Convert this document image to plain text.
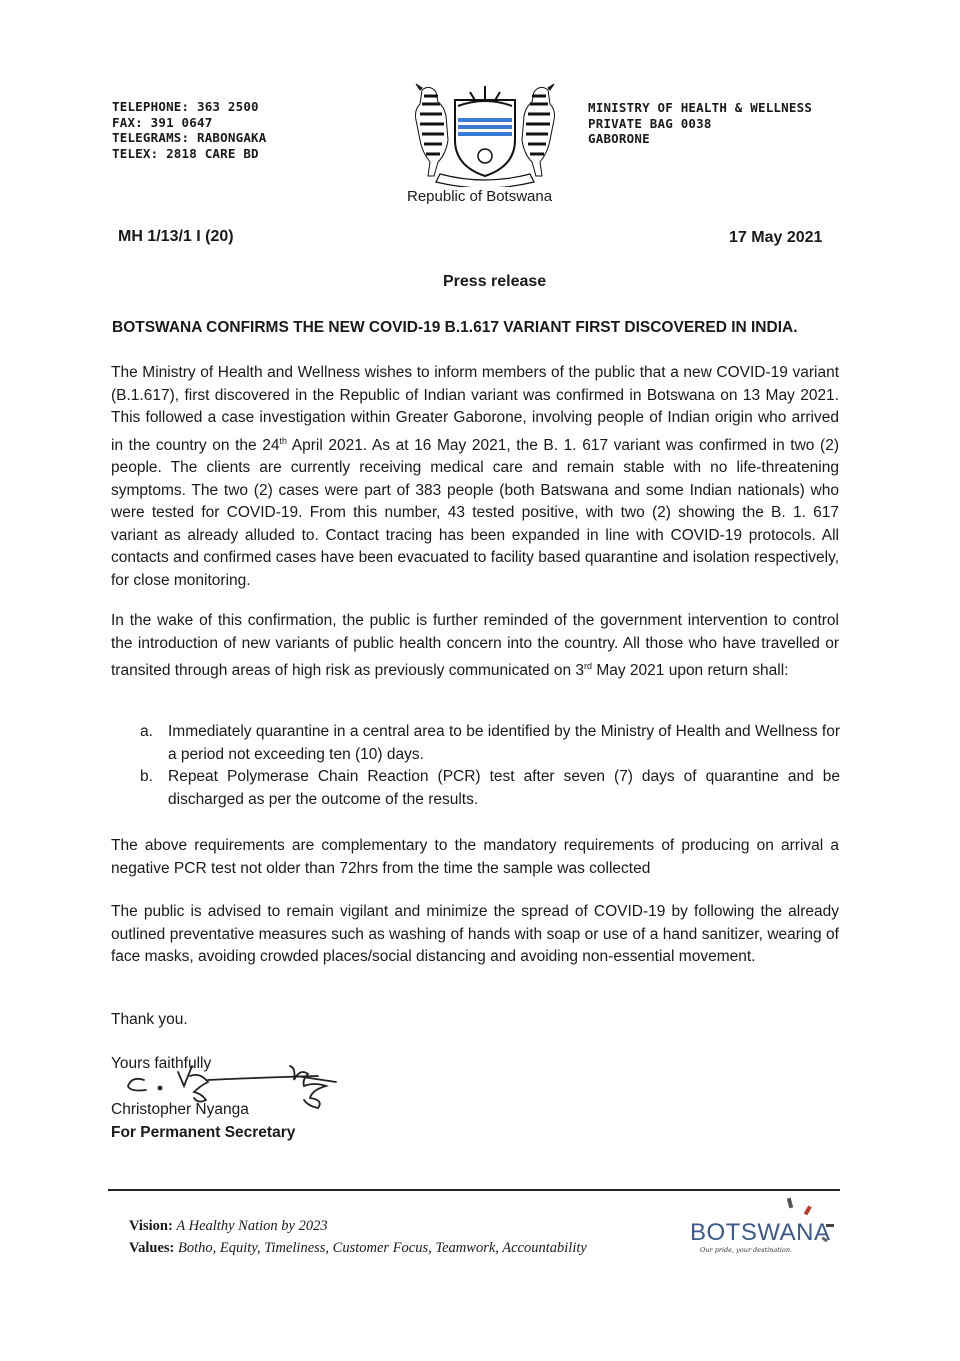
TELEPHONE: 363 2500
FAX: 391 0647
TELEGRAMS: RABONGAKA
TELEX: 2818 CARE BD
Republic of Botswana
MINISTRY OF HEALTH & WELLNESS
PRIVATE BAG 0038
GABORONE
MH 1/13/1 I (20)	17 May 2021
Press release
BOTSWANA CONFIRMS THE NEW COVID-19 B.1.617 VARIANT FIRST DISCOVERED IN INDIA.
The Ministry of Health and Wellness wishes to inform members of the public that a new COVID-19 variant (B.1.617), first discovered in the Republic of Indian variant was confirmed in Botswana on 13 May 2021. This followed a case investigation within Greater Gaborone, involving people of Indian origin who arrived in the country on the 24th April 2021. As at 16 May 2021, the B. 1. 617 variant was confirmed in two (2) people. The clients are currently receiving medical care and remain stable with no life-threatening symptoms. The two (2) cases were part of 383 people (both Batswana and some Indian nationals) who were tested for COVID-19. From this number, 43 tested positive, with two (2) showing the B. 1. 617 variant as already alluded to. Contact tracing has been expanded in line with COVID-19 protocols. All contacts and confirmed cases have been evacuated to facility based quarantine and isolation respectively, for close monitoring.
In the wake of this confirmation, the public is further reminded of the government intervention to control the introduction of new variants of public health concern into the country. All those who have travelled or transited through areas of high risk as previously communicated on 3rd May 2021 upon return shall:
a. Immediately quarantine in a central area to be identified by the Ministry of Health and Wellness for a period not exceeding ten (10) days.
b. Repeat Polymerase Chain Reaction (PCR) test after seven (7) days of quarantine and be discharged as per the outcome of the results.
The above requirements are complementary to the mandatory requirements of producing on arrival a negative PCR test not older than 72hrs from the time the sample was collected
The public is advised to remain vigilant and minimize the spread of COVID-19 by following the already outlined preventative measures such as washing of hands with soap or use of a hand sanitizer, wearing of face masks, avoiding crowded places/social distancing and avoiding non-essential movement.
Thank you.
Yours faithfully
Christopher Nyanga
For Permanent Secretary
Vision: A Healthy Nation by 2023
Values: Botho, Equity, Timeliness, Customer Focus, Teamwork, Accountability
BOTSWANA
Our pride, your destination.
